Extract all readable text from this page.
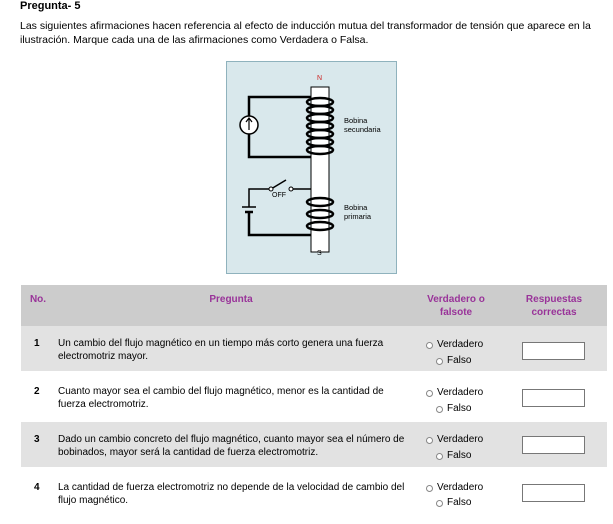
Pregunta- 5
Las siguientes afirmaciones hacen referencia al efecto de inducción mutua del transformador de tensión que aparece en la ilustración. Marque cada una de las afirmaciones como Verdadera o Falsa.
N
S
Bobina secundaria
Bobina primaria
OFF
No.	Pregunta	Verdadero o falsote
Respuestas correctas
1 Un cambio del flujo magnético en un tiempo más corto genera una fuerza electromotriz mayor.
Verdadero
Falso
2 Cuanto mayor sea el cambio del flujo magnético, menor es la cantidad de fuerza electromotriz.
Verdadero
Falso
3 Dado un cambio concreto del flujo magnético, cuanto mayor sea el número de bobinados, mayor será la cantidad de fuerza electromotriz.
Verdadero
Falso
4 La cantidad de fuerza electromotriz no depende de la velocidad de cambio del flujo magnético.
Verdadero
Falso
